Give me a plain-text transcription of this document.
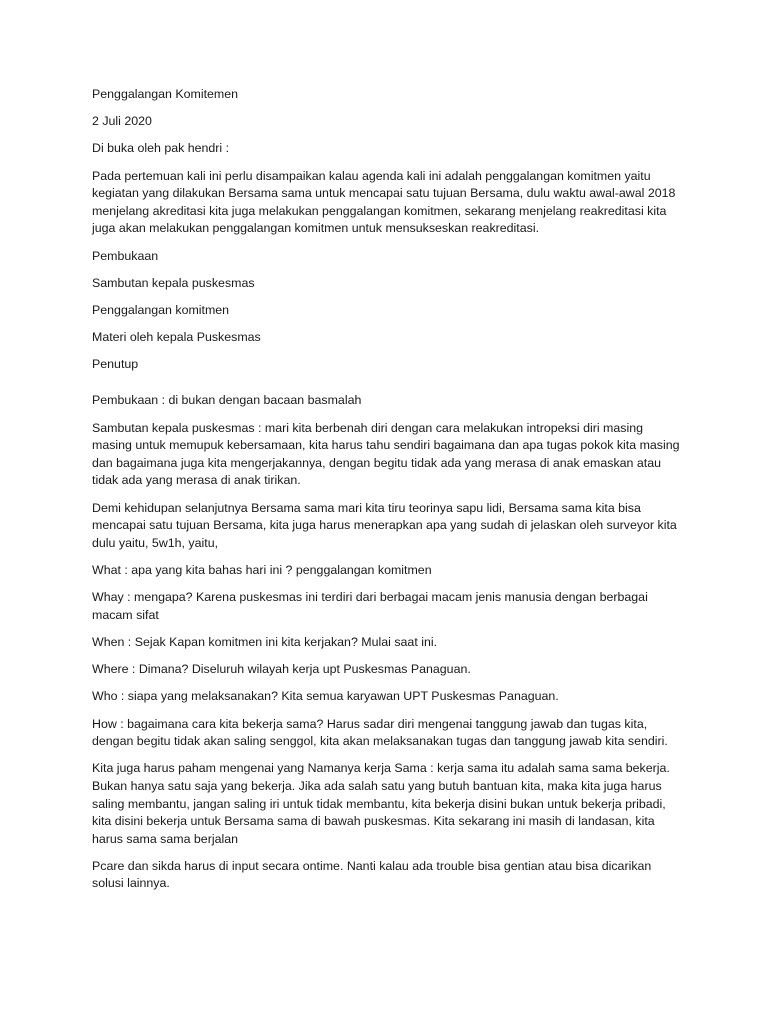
Penggalangan Komitemen

2 Juli 2020

Di buka oleh pak hendri :

Pada pertemuan kali ini perlu disampaikan kalau agenda kali ini adalah penggalangan komitmen yaitu kegiatan yang dilakukan Bersama sama untuk mencapai satu tujuan Bersama, dulu waktu awal-awal 2018 menjelang akreditasi kita juga melakukan penggalangan komitmen, sekarang menjelang reakreditasi kita juga akan melakukan penggalangan komitmen untuk mensukseskan reakreditasi.

Pembukaan

Sambutan kepala puskesmas

Penggalangan komitmen

Materi oleh kepala Puskesmas

Penutup

Pembukaan : di bukan dengan bacaan basmalah

Sambutan kepala puskesmas : mari kita berbenah diri dengan cara melakukan intropeksi diri masing masing untuk memupuk kebersamaan, kita harus tahu sendiri bagaimana dan apa tugas pokok kita masing dan bagaimana juga kita mengerjakannya, dengan begitu tidak ada yang merasa di anak emaskan atau tidak ada yang merasa di anak tirikan.

Demi kehidupan selanjutnya Bersama sama mari kita tiru teorinya sapu lidi, Bersama sama kita bisa mencapai satu tujuan Bersama, kita juga harus menerapkan apa yang sudah di jelaskan oleh surveyor kita dulu yaitu, 5w1h, yaitu,

What : apa yang kita bahas hari ini ? penggalangan komitmen

Whay : mengapa? Karena puskesmas ini terdiri dari berbagai macam jenis manusia dengan berbagai macam sifat

When : Sejak Kapan komitmen ini kita kerjakan? Mulai saat ini.

Where : Dimana? Diseluruh wilayah kerja upt Puskesmas Panaguan.

Who : siapa yang melaksanakan? Kita semua karyawan UPT Puskesmas Panaguan.

How : bagaimana cara kita bekerja sama? Harus sadar diri mengenai tanggung jawab dan tugas kita, dengan begitu tidak akan saling senggol, kita akan melaksanakan tugas dan tanggung jawab kita sendiri.

Kita juga harus paham mengenai yang Namanya kerja Sama : kerja sama itu adalah sama sama bekerja. Bukan hanya satu saja yang bekerja. Jika ada salah satu yang butuh bantuan kita, maka kita juga harus saling membantu, jangan saling iri untuk tidak membantu, kita bekerja disini bukan untuk bekerja pribadi, kita disini bekerja untuk Bersama sama di bawah puskesmas. Kita sekarang ini masih di landasan, kita harus sama sama berjalan

Pcare dan sikda harus di input secara ontime. Nanti kalau ada trouble bisa gentian atau bisa dicarikan solusi lainnya.
